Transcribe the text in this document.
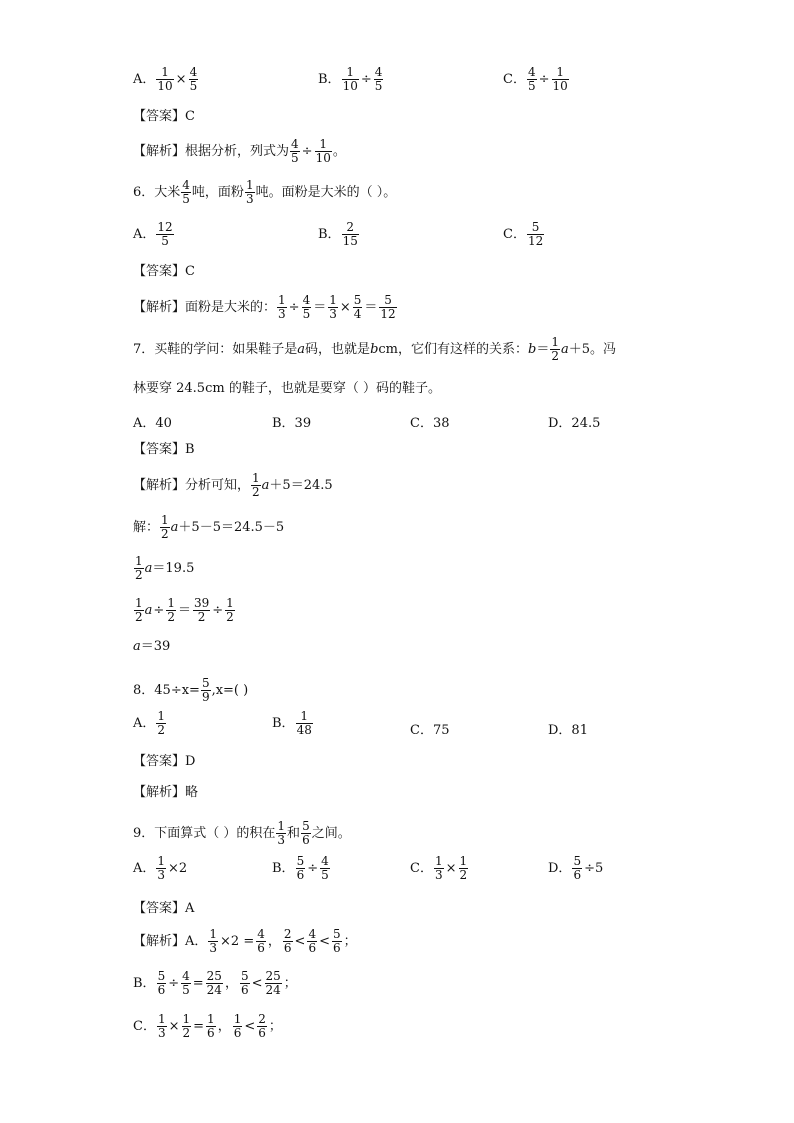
A． $\frac{1}{10} \times \frac{4}{5}$	B． $\frac{1}{10} \div \frac{4}{5}$	C． $\frac{4}{5} \div \frac{1}{10}$
【答案】C
【解析】根据分析，列式为 $\frac{4}{5} \div \frac{1}{10}$ 。
6．大米 $\frac{4}{5}$ 吨，面粉 $\frac{1}{3}$ 吨。面粉是大米的（ ）。
A． $\frac{12}{5}$	B． $\frac{2}{15}$	C． $\frac{5}{12}$
【答案】C
【解析】面粉是大米的： $\frac{1}{3} \div \frac{4}{5} = \frac{1}{3} \times \frac{5}{4} = \frac{5}{12}$
7．买鞋的学问：如果鞋子是a码，也就是bcm，它们有这样的关系：$b= \frac{1}{2} a+5$。冯
林要穿 24.5cm 的鞋子，也就是要穿（ ）码的鞋子。
A．40	B．39	C．38	D．24.5
【答案】B
【解析】分析可知， $\frac{1}{2} a+5=24.5$
解： $\frac{1}{2} a+5-5=24.5-5$
$\frac{1}{2} a=19.5$
$\frac{1}{2} a\div \frac{1}{2} = \frac{39}{2} \div \frac{1}{2}$
a＝39
8．$45\div x= \frac{5}{9} ,x=$( )
A． $\frac{1}{2}$	B． $\frac{1}{48}$	C．75	D．81
【答案】D
【解析】略
9．下面算式（ ）的积在 $\frac{1}{3}$ 和 $\frac{5}{6}$ 之间。
A． $\frac{1}{3} \times 2$	B． $\frac{5}{6} \div \frac{4}{5}$	C． $\frac{1}{3} \times \frac{1}{2}$	D． $\frac{5}{6} \div 5$
【答案】A
【解析】A． $\frac{1}{3} \times 2 = \frac{4}{6}$ ， $\frac{2}{6} < \frac{4}{6} < \frac{5}{6}$ ；
B． $\frac{5}{6} \div \frac{4}{5} = \frac{25}{24}$ ， $\frac{5}{6} < \frac{25}{24}$ ；
C． $\frac{1}{3} \times \frac{1}{2} = \frac{1}{6}$ ， $\frac{1}{6} < \frac{2}{6}$ ；
